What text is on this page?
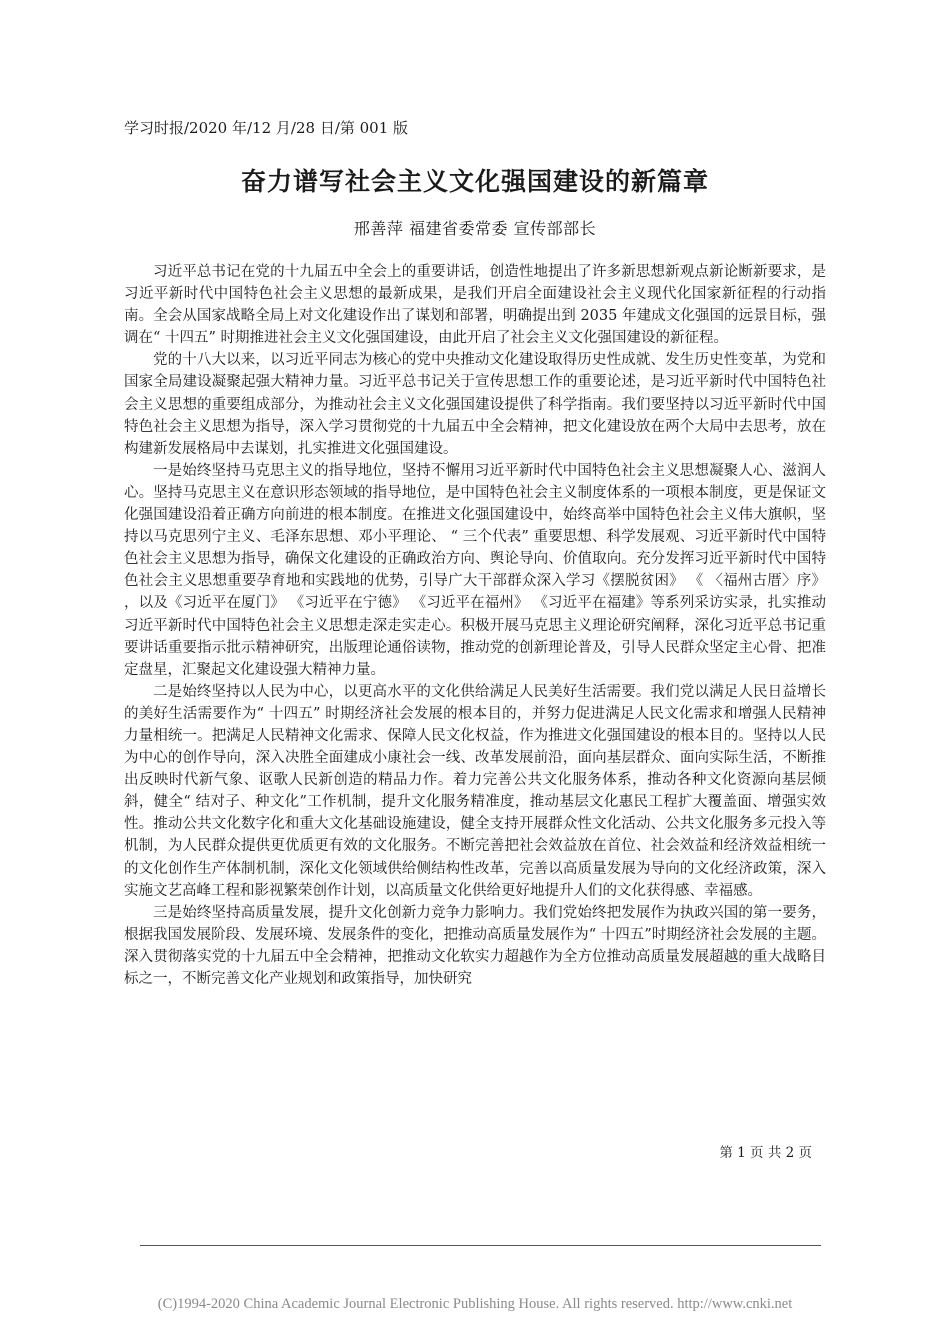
学习时报/2020 年/12 月/28 日/第 001 版
奋力谱写社会主义文化强国建设的新篇章
邢善萍 福建省委常委 宣传部部长

习近平总书记在党的十九届五中全会上的重要讲话，创造性地提出了许多新思想新观点新论断新要求，是习近平新时代中国特色社会主义思想的最新成果，是我们开启全面建设社会主义现代化国家新征程的行动指南。全会从国家战略全局上对文化建设作出了谋划和部署，明确提出到 2035 年建成文化强国的远景目标，强调在“ 十四五” 时期推进社会主义文化强国建设，由此开启了社会主义文化强国建设的新征程。

党的十八大以来，以习近平同志为核心的党中央推动文化建设取得历史性成就、发生历史性变革，为党和国家全局建设凝聚起强大精神力量。习近平总书记关于宣传思想工作的重要论述，是习近平新时代中国特色社会主义思想的重要组成部分，为推动社会主义文化强国建设提供了科学指南。我们要坚持以习近平新时代中国特色社会主义思想为指导，深入学习贯彻党的十九届五中全会精神，把文化建设放在两个大局中去思考，放在构建新发展格局中去谋划，扎实推进文化强国建设。

一是始终坚持马克思主义的指导地位，坚持不懈用习近平新时代中国特色社会主义思想凝聚人心、滋润人心。坚持马克思主义在意识形态领域的指导地位，是中国特色社会主义制度体系的一项根本制度，更是保证文化强国建设沿着正确方向前进的根本制度。在推进文化强国建设中，始终高举中国特色社会主义伟大旗帜，坚持以马克思列宁主义、毛泽东思想、邓小平理论、 “ 三个代表” 重要思想、科学发展观、习近平新时代中国特色社会主义思想为指导，确保文化建设的正确政治方向、舆论导向、价值取向。充分发挥习近平新时代中国特色社会主义思想重要孕育地和实践地的优势，引导广大干部群众深入学习《摆脱贫困》 《 〈福州古厝〉序》 ，以及《习近平在厦门》 《习近平在宁德》 《习近平在福州》 《习近平在福建》等系列采访实录，扎实推动习近平新时代中国特色社会主义思想走深走实走心。积极开展马克思主义理论研究阐释，深化习近平总书记重要讲话重要指示批示精神研究，出版理论通俗读物，推动党的创新理论普及，引导人民群众坚定主心骨、把准定盘星，汇聚起文化建设强大精神力量。

二是始终坚持以人民为中心，以更高水平的文化供给满足人民美好生活需要。我们党以满足人民日益增长的美好生活需要作为“ 十四五” 时期经济社会发展的根本目的，并努力促进满足人民文化需求和增强人民精神力量相统一。把满足人民精神文化需求、保障人民文化权益，作为推进文化强国建设的根本目的。坚持以人民为中心的创作导向，深入决胜全面建成小康社会一线、改革发展前沿，面向基层群众、面向实际生活，不断推出反映时代新气象、讴歌人民新创造的精品力作。着力完善公共文化服务体系，推动各种文化资源向基层倾斜，健全“ 结对子、种文化”工作机制，提升文化服务精准度，推动基层文化惠民工程扩大覆盖面、增强实效性。推动公共文化数字化和重大文化基础设施建设，健全支持开展群众性文化活动、公共文化服务多元投入等机制，为人民群众提供更优质更有效的文化服务。不断完善把社会效益放在首位、社会效益和经济效益相统一的文化创作生产体制机制，深化文化领域供给侧结构性改革，完善以高质量发展为导向的文化经济政策，深入实施文艺高峰工程和影视繁荣创作计划，以高质量文化供给更好地提升人们的文化获得感、幸福感。

三是始终坚持高质量发展，提升文化创新力竞争力影响力。我们党始终把发展作为执政兴国的第一要务，根据我国发展阶段、发展环境、发展条件的变化，把推动高质量发展作为“ 十四五”时期经济社会发展的主题。深入贯彻落实党的十九届五中全会精神，把推动文化软实力超越作为全方位推动高质量发展超越的重大战略目标之一，不断完善文化产业规划和政策指导，加快研究

第 1 页 共 2 页
(C)1994-2020 China Academic Journal Electronic Publishing House. All rights reserved. http://www.cnki.net
